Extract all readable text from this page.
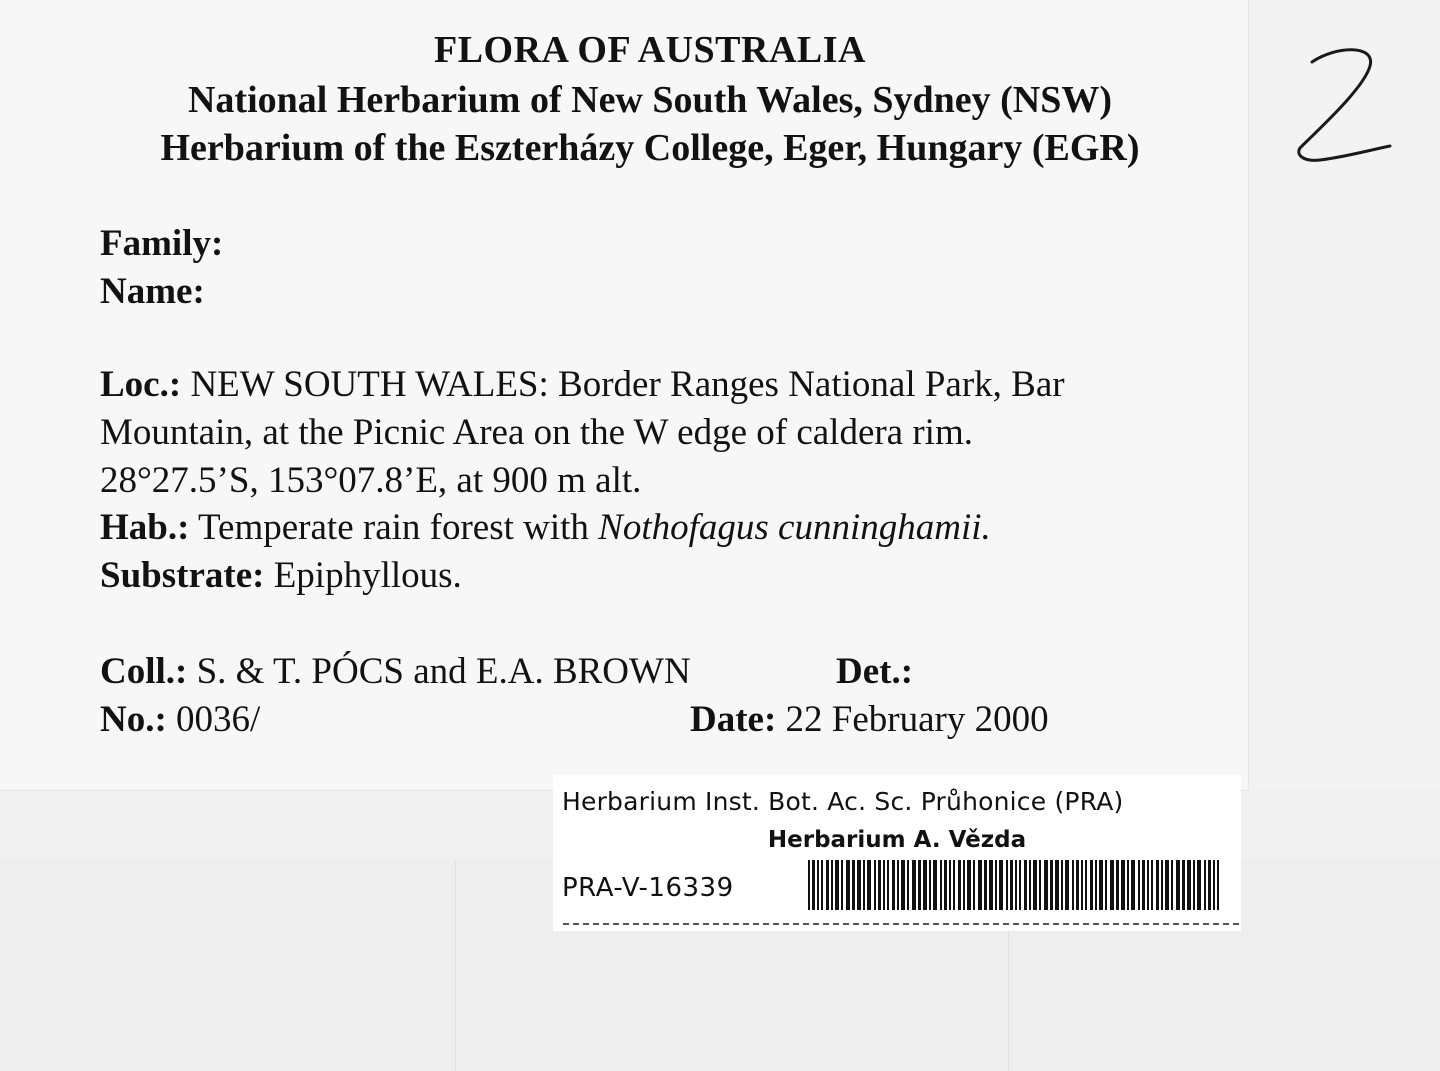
FLORA OF AUSTRALIA
National Herbarium of New South Wales, Sydney (NSW)
Herbarium of the Eszterházy College, Eger, Hungary (EGR)
Family:
Name:
Loc.: NEW SOUTH WALES: Border Ranges National Park, Bar
Mountain, at the Picnic Area on the W edge of caldera rim.
28°27.5’S, 153°07.8’E, at 900 m alt.
Hab.: Temperate rain forest with Nothofagus cunninghamii.
Substrate: Epiphyllous.
Coll.: S. & T. PÓCS and E.A. BROWN	Det.:
No.: 0036/	Date: 22 February 2000
Herbarium Inst. Bot. Ac. Sc. Průhonice (PRA)
Herbarium A. Vězda
PRA-V-16339
